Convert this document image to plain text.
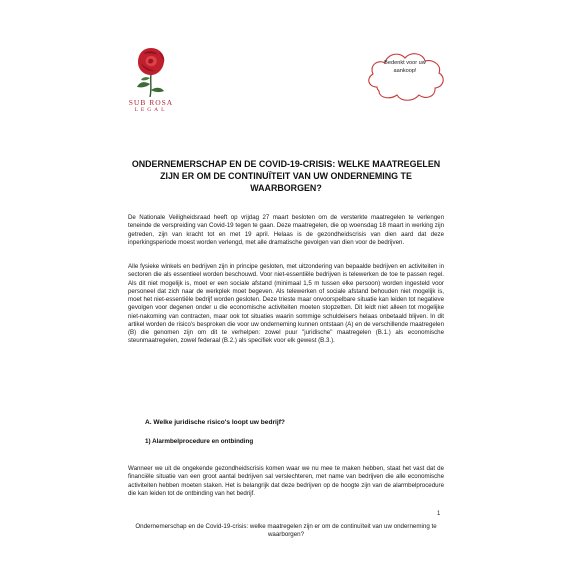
SUB ROSA
LEGAL
Bedenkt voor uw aankoop!
ONDERNEMERSCHAP EN DE COVID-19-CRISIS: WELKE MAATREGELEN ZIJN ER OM DE CONTINUÏTEIT VAN UW ONDERNEMING TE WAARBORGEN?
De Nationale Veiligheidsraad heeft op vrijdag 27 maart besloten om de versterkte maatregelen te verlengen teneinde de verspreiding van Covid-19 tegen te gaan. Deze maatregelen, die op woensdag 18 maart in werking zijn getreden, zijn van kracht tot en met 19 april. Helaas is de gezondheidscrisis van dien aard dat deze inperkingsperiode moest worden verlengd, met alle dramatische gevolgen van dien voor de bedrijven.
Alle fysieke winkels en bedrijven zijn in principe gesloten, met uitzondering van bepaalde bedrijven en activiteiten in sectoren die als essentieel worden beschouwd. Voor niet-essentiële bedrijven is telewerken de toe te passen regel. Als dit niet mogelijk is, moet er een sociale afstand (minimaal 1,5 m tussen elke persoon) worden ingesteld voor personeel dat zich naar de werkplek moet begeven. Als telewerken of sociale afstand behouden niet mogelijk is, moet het niet-essentiële bedrijf worden gesloten. Deze trieste maar onvoorspelbare situatie kan leiden tot negatieve gevolgen voor degenen onder u die economische activiteiten moeten stopzetten. Dit leidt niet alleen tot mogelijke niet-nakoming van contracten, maar ook tot situaties waarin sommige schuldeisers helaas onbetaald blijven. In dit artikel worden de risico's besproken die voor uw onderneming kunnen ontstaan (A) en de verschillende maatregelen (B) die genomen zijn om dit te verhelpen: zowel puur "juridische" maatregelen (B.1.) als economische steunmaatregelen, zowel federaal (B.2.) als specifiek voor elk gewest (B.3.).
A. Welke juridische risico's loopt uw bedrijf?
1) Alarmbelprocedure en ontbinding
Wanneer we uit de ongekende gezondheidscrisis komen waar we nu mee te maken hebben, staat het vast dat de financiële situatie van een groot aantal bedrijven sal verslechteren, met name van bedrijven die alle economische activiteiten hebben moeten staken. Het is belangrijk dat deze bedrijven op de hoogte zijn van de alarmbelprocedure die kan leiden tot de ontbinding van het bedrijf.
1
Ondernemerschap en de Covid-19-crisis: welke maatregelen zijn er om de continuïteit van uw onderneming te waarborgen?
